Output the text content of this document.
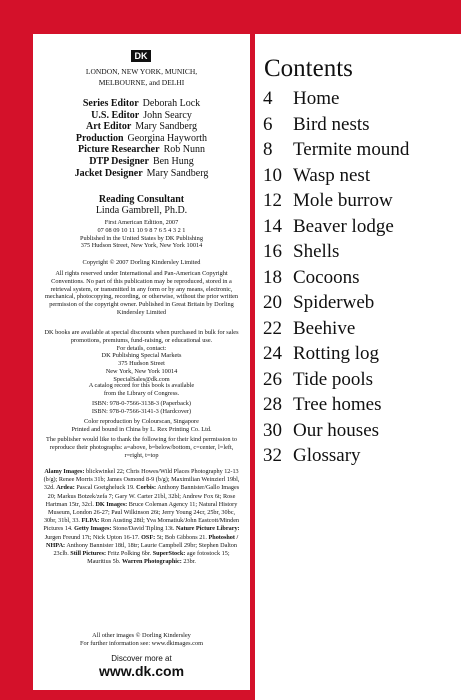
DK
LONDON, NEW YORK, MUNICH,
MELBOURNE, and DELHI
Series Editor Deborah Lock
U.S. Editor John Searcy
Art Editor Mary Sandberg
Production Georgina Hayworth
Picture Researcher Rob Nunn
DTP Designer Ben Hung
Jacket Designer Mary Sandberg
Reading Consultant
Linda Gambrell, Ph.D.
First American Edition, 2007
07 08 09 10 11 10 9 8 7 6 5 4 3 2 1
Published in the United States by DK Publishing
375 Hudson Street, New York, New York 10014
Copyright © 2007 Dorling Kindersley Limited
All rights reserved under International and Pan-American Copyright Conventions. No part of this publication may be reproduced, stored in a retrieval system, or transmitted in any form or by any means, electronic, mechanical, photocopying, recording, or otherwise, without the prior written permission of the copyright owner. Published in Great Britain by Dorling Kindersley Limited
DK books are available at special discounts when purchased in bulk for sales promotions, premiums, fund-raising, or educational use.
For details, contact:
DK Publishing Special Markets
375 Hudson Street
New York, New York 10014
SpecialSales@dk.com
A catalog record for this book is available
from the Library of Congress.
ISBN: 978-0-7566-3138-3 (Paperback)
ISBN: 978-0-7566-3141-3 (Hardcover)
Color reproduction by Colourscan, Singapore
Printed and bound in China by L. Rex Printing Co. Ltd.
The publisher would like to thank the following for their kind permission to reproduce their photographs: a=above, b=below/bottom, c=center, l=left, r=right, t=top
Alamy Images: blickwinkel 22; Chris Howes/Wild Places Photography 12-13 (b/g); Renee Morris 31b; James Osmond 8-9 (b/g); Maximilian Weinzierl 19bl, 32d. Ardea: Pascal Goetgheluck 19. Corbis: Anthony Bannister/Gallo Images 20; Markus Botzek/zefa 7; Gary W. Carter 21bl, 32bl; Andrew Fox 6t; Rose Hartman 15tr, 32cl. DK Images: Bruce Coleman Agency 11; Natural History Museum, London 26-27; Paul Wilkinson 26t; Jerry Young 24cr, 25br, 30bc, 30br, 31bl, 33. FLPA: Ron Austing 28tl; Yva Momatiuk/John Eastcott/Minden Pictures 14. Getty Images: Stone/David Tipling 13t. Nature Picture Library: Jurgen Freund 17t; Nick Upton 16-17. OSF: 5t; Bob Gibbons 21. Photoshot / NHPA: Anthony Bannister 18tl, 18tr; Laurie Campbell 29br; Stephen Dalton 23clb. Still Pictures: Fritz Polking 6br. SuperStock: age fotostock 15; Mauritius 5b. Warren Photographic: 23br.
All other images © Dorling Kindersley
For further information see: www.dkimages.com
Discover more at
www.dk.com
Contents
4	Home
6	Bird nests
8	Termite mound
10 Wasp nest
12 Mole burrow
14 Beaver lodge
16 Shells
18 Cocoons
20 Spiderweb
22 Beehive
24 Rotting log
26 Tide pools
28 Tree homes
30 Our houses
32 Glossary
